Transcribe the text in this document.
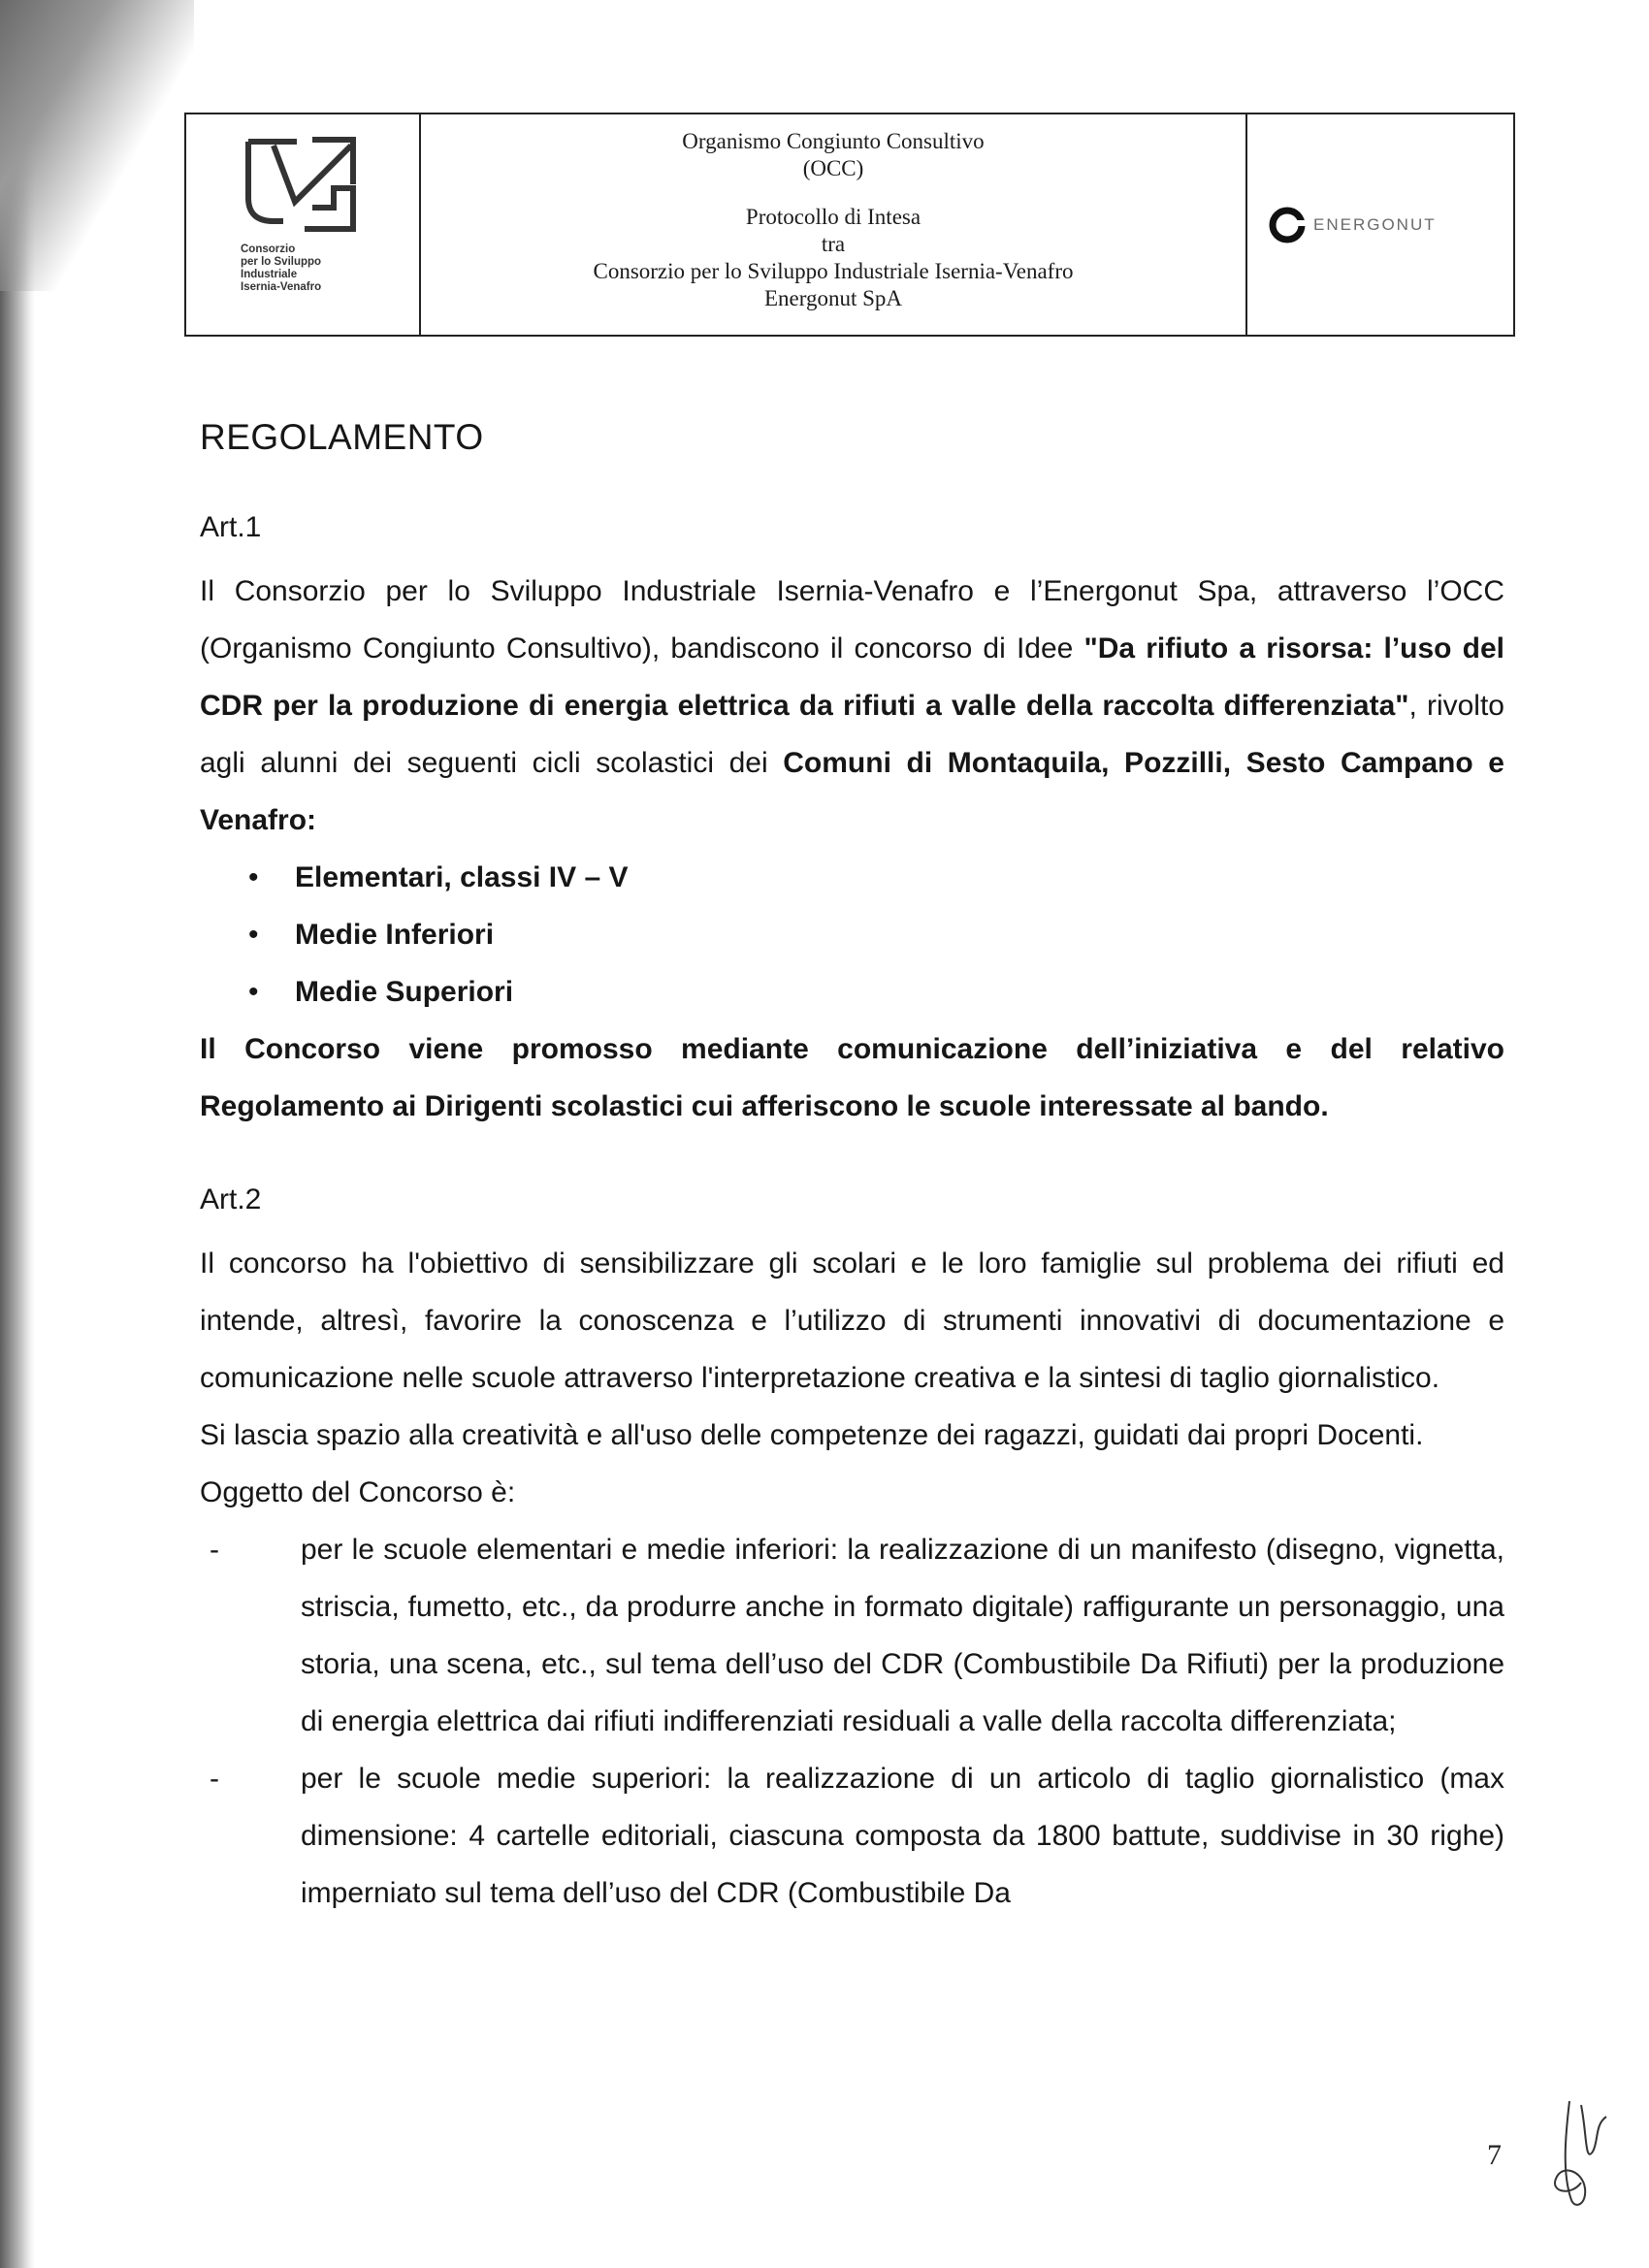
Consorzio
per lo Sviluppo
Industriale
Isernia-Venafro
Organismo Congiunto Consultivo
(OCC)
Protocollo di Intesa
tra
Consorzio per lo Sviluppo Industriale Isernia-Venafro
Energonut SpA
ENERGONUT
REGOLAMENTO
Art.1

Il Consorzio per lo Sviluppo Industriale Isernia-Venafro e l’Energonut Spa, attraverso l’OCC (Organismo Congiunto Consultivo), bandiscono il concorso di Idee "Da rifiuto a risorsa: l’uso del CDR per la produzione di energia elettrica da rifiuti a valle della raccolta differenziata", rivolto agli alunni dei seguenti cicli scolastici dei Comuni di Montaquila, Pozzilli, Sesto Campano e Venafro:

• Elementari, classi IV – V
• Medie Inferiori
• Medie Superiori

Il Concorso viene promosso mediante comunicazione dell’iniziativa e del relativo Regolamento ai Dirigenti scolastici cui afferiscono le scuole interessate al bando.

Art.2

Il concorso ha l'obiettivo di sensibilizzare gli scolari e le loro famiglie sul problema dei rifiuti ed intende, altresì, favorire la conoscenza e l’utilizzo di strumenti innovativi di documentazione e comunicazione nelle scuole attraverso l'interpretazione creativa e la sintesi di taglio giornalistico.

Si lascia spazio alla creatività e all'uso delle competenze dei ragazzi, guidati dai propri Docenti.

Oggetto del Concorso è:

-	per le scuole elementari e medie inferiori: la realizzazione di un manifesto (disegno, vignetta, striscia, fumetto, etc., da produrre anche in formato digitale) raffigurante un personaggio, una storia, una scena, etc., sul tema dell’uso del CDR (Combustibile Da Rifiuti) per la produzione di energia elettrica dai rifiuti indifferenziati residuali a valle della raccolta differenziata;
-	per le scuole medie superiori: la realizzazione di un articolo di taglio giornalistico (max dimensione: 4 cartelle editoriali, ciascuna composta da 1800 battute, suddivise in 30 righe) imperniato sul tema dell’uso del CDR (Combustibile Da
7
